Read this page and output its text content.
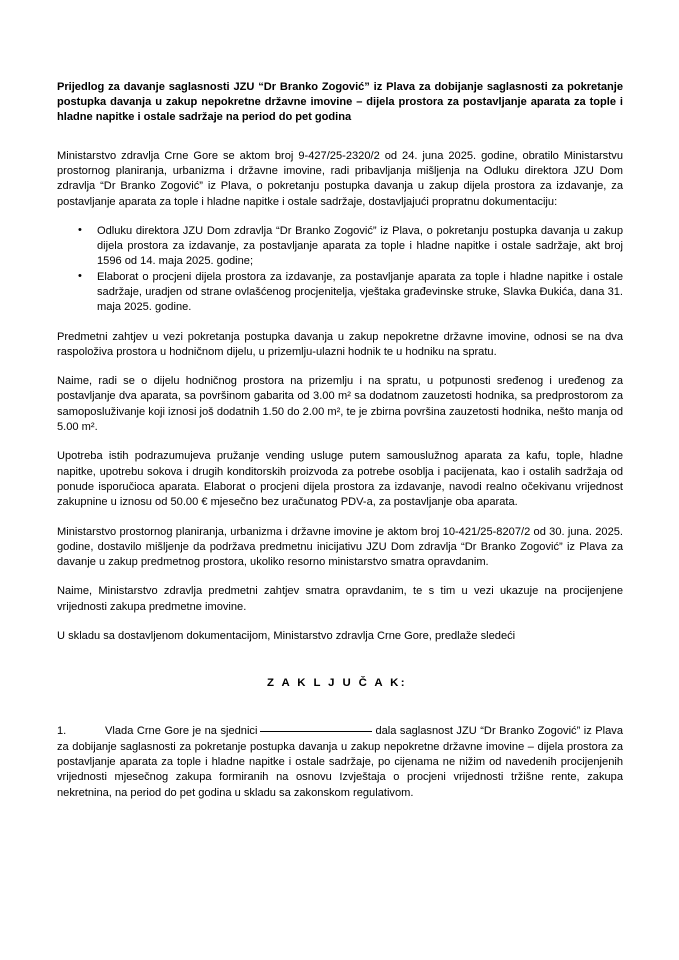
Prijedlog za davanje saglasnosti JZU “Dr Branko Zogović” iz Plava za dobijanje saglasnosti za pokretanje postupka davanja u zakup nepokretne državne imovine – dijela prostora za postavljanje aparata za tople i hladne napitke i ostale sadržaje na period do pet godina

Ministarstvo zdravlja Crne Gore se aktom broj 9-427/25-2320/2 od 24. juna 2025. godine, obratilo Ministarstvu prostornog planiranja, urbanizma i državne imovine, radi pribavljanja mišljenja na Odluku direktora JZU Dom zdravlja “Dr Branko Zogović” iz Plava, o pokretanju postupka davanja u zakup dijela prostora za izdavanje, za postavljanje aparata za tople i hladne napitke i ostale sadržaje, dostavljajući propratnu dokumentaciju:

• Odluku direktora JZU Dom zdravlja “Dr Branko Zogović” iz Plava, o pokretanju postupka davanja u zakup dijela prostora za izdavanje, za postavljanje aparata za tople i hladne napitke i ostale sadržaje, akt broj 1596 od 14. maja 2025. godine;
• Elaborat o procjeni dijela prostora za izdavanje, za postavljanje aparata za tople i hladne napitke i ostale sadržaje, uradjen od strane ovlašćenog procjenitelja, vještaka građevinske struke, Slavka Đukića, dana 31. maja 2025. godine.

Predmetni zahtjev u vezi pokretanja postupka davanja u zakup nepokretne državne imovine, odnosi se na dva raspoloživa prostora u hodničnom dijelu, u prizemlju-ulazni hodnik te u hodniku na spratu.

Naime, radi se o dijelu hodničnog prostora na prizemlju i na spratu, u potpunosti sređenog i uređenog za postavljanje dva aparata, sa površinom gabarita od 3.00 m² sa dodatnom zauzetosti hodnika, sa predprostorom za samoposluživanje koji iznosi još dodatnih 1.50 do 2.00 m², te je zbirna površina zauzetosti hodnika, nešto manja od 5.00 m².

Upotreba istih podrazumujeva pružanje vending usluge putem samouslužnog aparata za kafu, tople, hladne napitke, upotrebu sokova i drugih konditorskih proizvoda za potrebe osoblja i pacijenata, kao i ostalih sadržaja od ponude isporučioca aparata. Elaborat o procjeni dijela prostora za izdavanje, navodi realno očekivanu vrijednost zakupnine u iznosu od 50.00 € mjesečno bez uračunatog PDV-a, za postavljanje oba aparata.

Ministarstvo prostornog planiranja, urbanizma i državne imovine je aktom broj 10-421/25-8207/2 od 30. juna. 2025. godine, dostavilo mišljenje da podržava predmetnu inicijativu JZU Dom zdravlja “Dr Branko Zogović” iz Plava za davanje u zakup predmetnog prostora, ukoliko resorno ministarstvo smatra opravdanim.

Naime, Ministarstvo zdravlja predmetni zahtjev smatra opravdanim, te s tim u vezi ukazuje na procijenjene vrijednosti zakupa predmetne imovine.

U skladu sa dostavljenom dokumentacijom, Ministarstvo zdravlja Crne Gore, predlaže sledeći

Z A K L J U Č A K:
1.	Vlada Crne Gore je na sjednici	dala saglasnost JZU “Dr Branko Zogović” iz Plava za dobijanje saglasnosti za pokretanje postupka davanja u zakup nepokretne državne imovine – dijela prostora za postavljanje aparata za tople i hladne napitke i ostale sadržaje, po cijenama ne nižim od navedenih procijenjenih vrijednosti mjesečnog zakupa formiranih na osnovu Izvještaja o procjeni vrijednosti tržišne rente, zakupa nekretnina, na period do pet godina u skladu sa zakonskom regulativom.
